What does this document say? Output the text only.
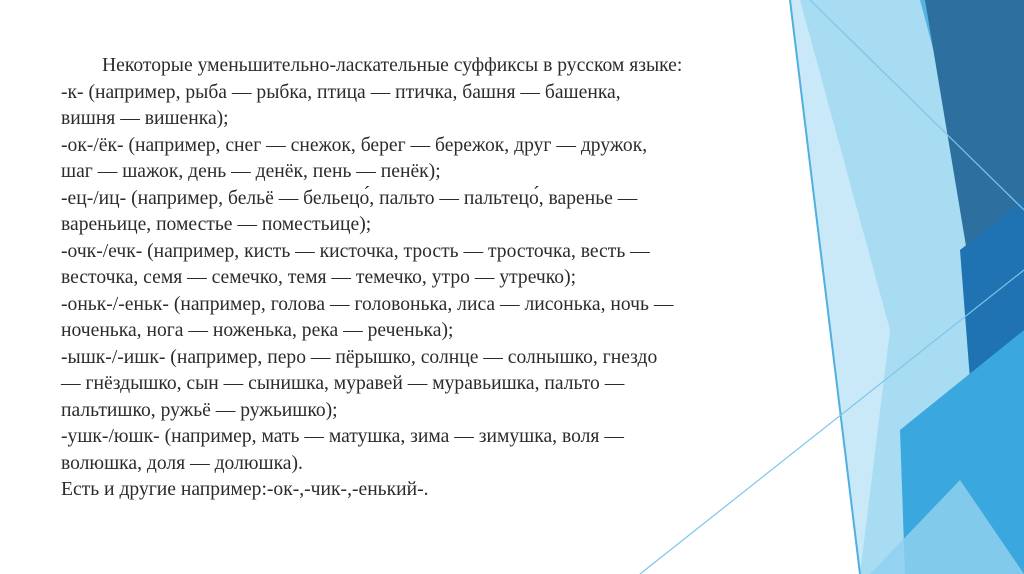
Некоторые уменьшительно-ласкательные суффиксы в русском языке:
-к- (например, рыба — рыбка, птица — птичка, башня — башенка,
вишня — вишенка);
-ок-/ёк- (например, снег — снежок, берег — бережок, друг — дружок,
шаг — шажок, день — денёк, пень — пенёк);
-ец-/иц- (например, бельё — бельецо́, пальто — пальтецо́, варенье —
вареньице, поместье — поместьице);
-очк-/ечк- (например, кисть — кисточка, трость — тросточка, весть —
весточка, семя — семечко, темя — темечко, утро — утречко);
-оньк-/-еньк- (например, голова — головонька, лиса — лисонька, ночь —
ноченька, нога — ноженька, река — реченька);
-ышк-/-ишк- (например, перо — пёрышко, солнце — солнышко, гнездо
— гнёздышко, сын — сынишка, муравей — муравьишка, пальто —
пальтишко, ружьё — ружьишко);
-ушк-/юшк- (например, мать — матушка, зима — зимушка, воля —
волюшка, доля — долюшка).
Есть и другие например:-ок-,-чик-,-енький-.
